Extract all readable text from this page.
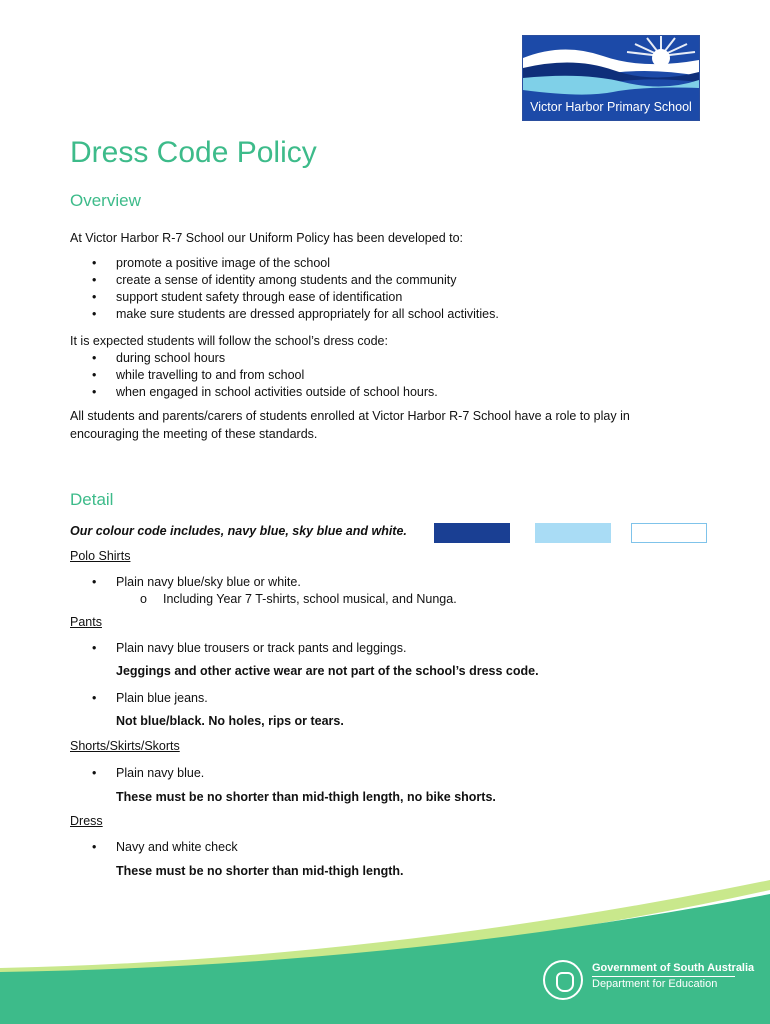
Victor Harbor Primary School
Dress Code Policy
Overview
At Victor Harbor R-7 School our Uniform Policy has been developed to:
• promote a positive image of the school
• create a sense of identity among students and the community
• support student safety through ease of identification
• make sure students are dressed appropriately for all school activities.
It is expected students will follow the school’s dress code:
• during school hours
• while travelling to and from school
• when engaged in school activities outside of school hours.
All students and parents/carers of students enrolled at Victor Harbor R-7 School have a role to play in
encouraging the meeting of these standards.
Detail
Our colour code includes, navy blue, sky blue and white.
Polo Shirts
• Plain navy blue/sky blue or white.
o Including Year 7 T-shirts, school musical, and Nunga.
Pants
• Plain navy blue trousers or track pants and leggings.
Jeggings and other active wear are not part of the school’s dress code.
• Plain blue jeans.
Not blue/black. No holes, rips or tears.
Shorts/Skirts/Skorts
• Plain navy blue.
These must be no shorter than mid-thigh length, no bike shorts.
Dress
• Navy and white check
These must be no shorter than mid-thigh length.
Government of South Australia
Department for Education
